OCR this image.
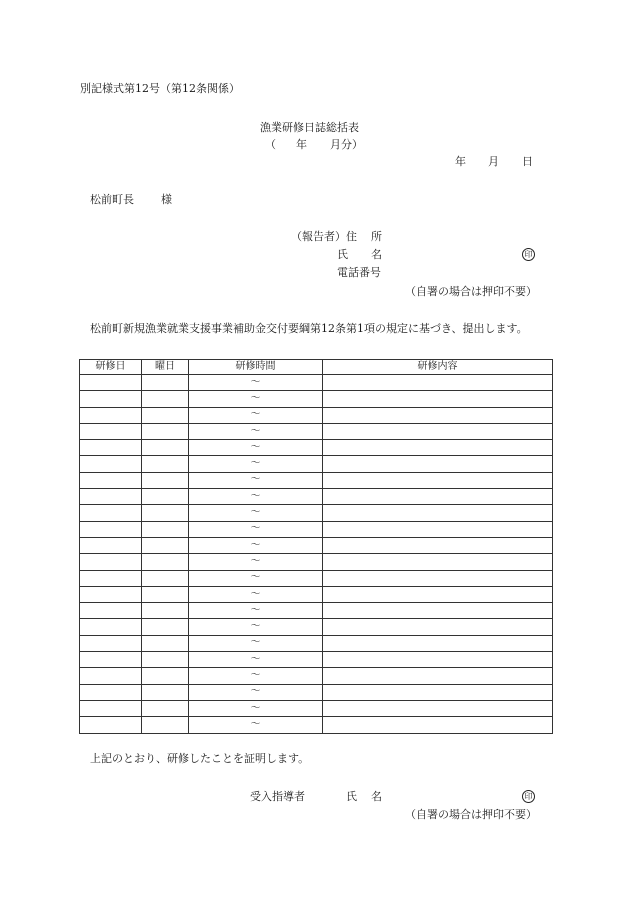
別記様式第12号（第12条関係）
漁業研修日誌総括表
（ 年 月分）
年 月 日
松前町長 様
（報告者）住 所
氏 名	印
電話番号
（自署の場合は押印不要）
松前町新規漁業就業支援事業補助金交付要綱第12条第1項の規定に基づき、提出します。
研修日	曜日	研修時間	研修内容
		～	
		～	
		～	
		～	
		～	
		～	
		～	
		～	
		～	
		～	
		～	
		～	
		～	
		～	
		～	
		～	
		～	
		～	
		～	
		～	
		～	
		～	
上記のとおり、研修したことを証明します。
受入指導者	氏 名	印
（自署の場合は押印不要）
